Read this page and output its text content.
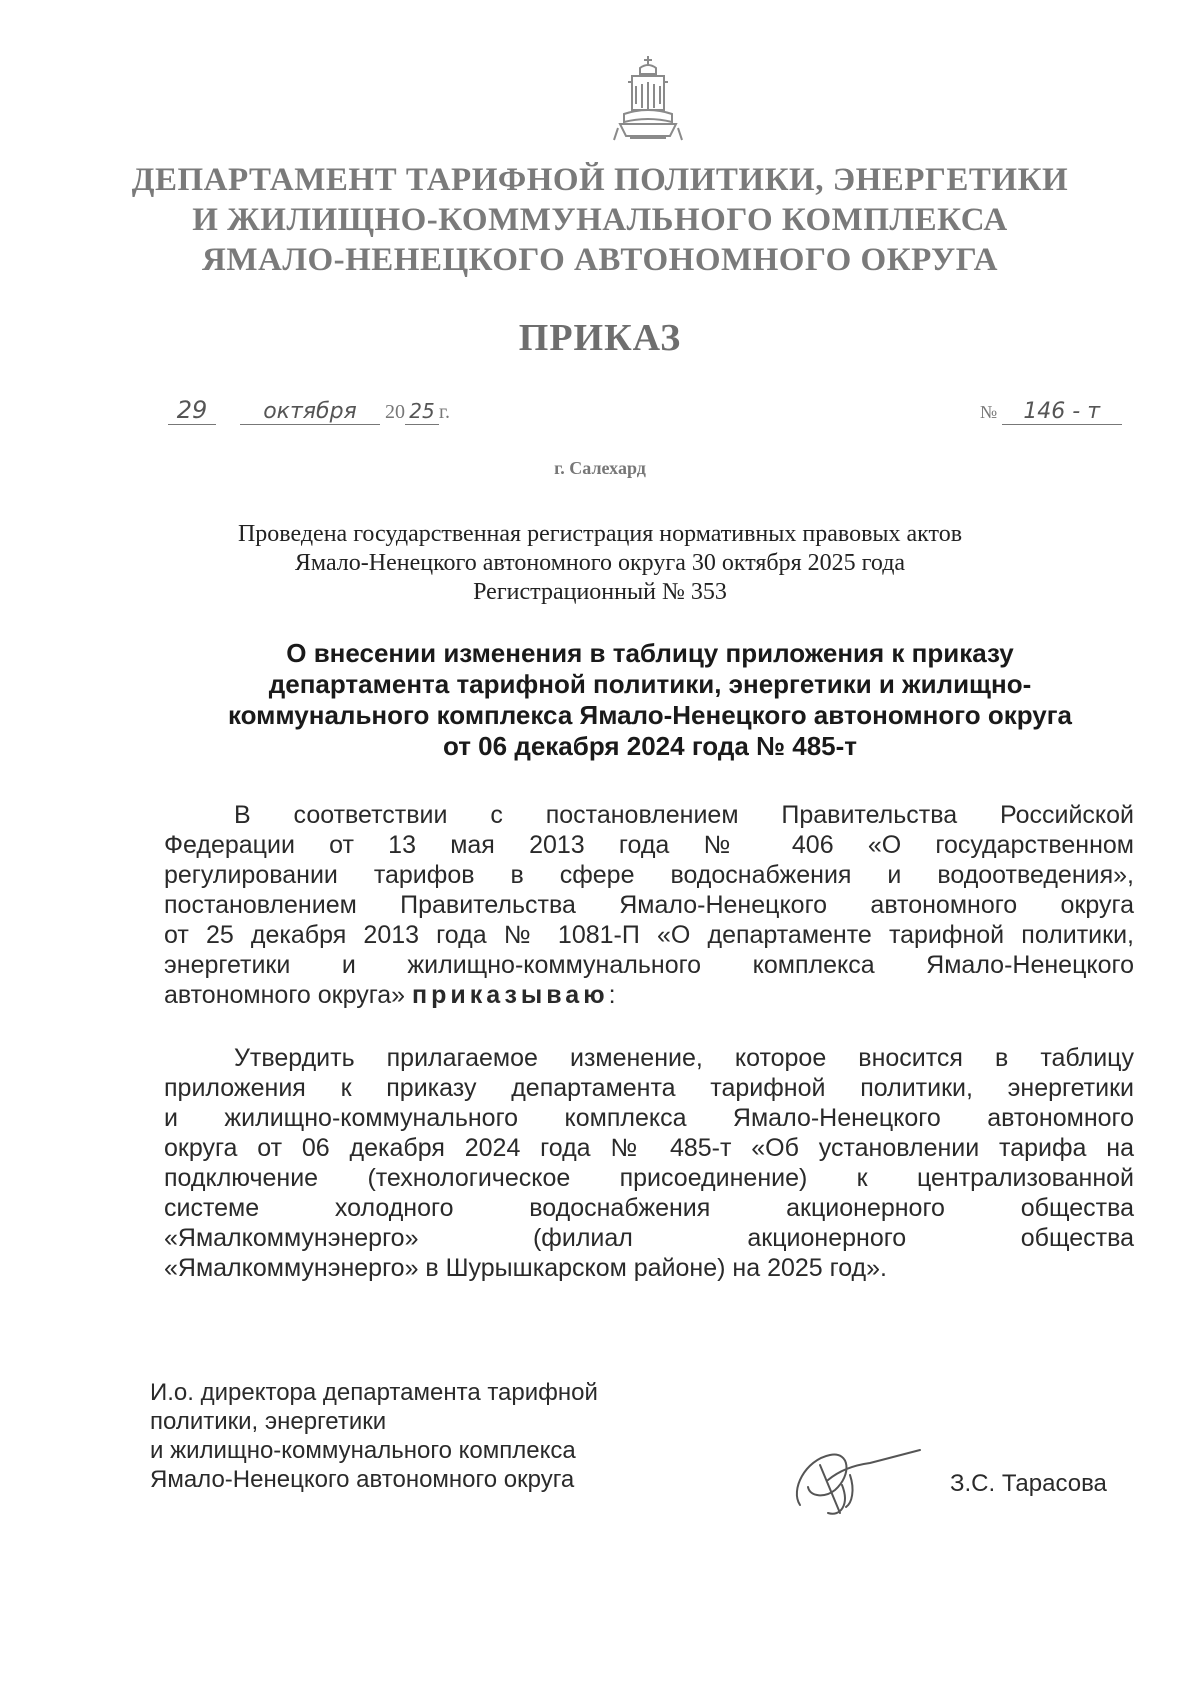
ДЕПАРТАМЕНТ ТАРИФНОЙ ПОЛИТИКИ, ЭНЕРГЕТИКИ
И ЖИЛИЩНО-КОММУНАЛЬНОГО КОМПЛЕКСА
ЯМАЛО-НЕНЕЦКОГО АВТОНОМНОГО ОКРУГА
ПРИКАЗ
29	октября 20 25 г.	№ 146 - т
г. Салехард
Проведена государственная регистрация нормативных правовых актов
Ямало-Ненецкого автономного округа 30 октября 2025 года
Регистрационный № 353
О внесении изменения в таблицу приложения к приказу
департамента тарифной политики, энергетики и жилищно-
коммунального комплекса Ямало-Ненецкого автономного округа
от 06 декабря 2024 года № 485-т
В соответствии с постановлением Правительства Российской
Федерации от 13 мая 2013 года № 406 «О государственном
регулировании тарифов в сфере водоснабжения и водоотведения»,
постановлением Правительства Ямало-Ненецкого автономного округа
от 25 декабря 2013 года № 1081-П «О департаменте тарифной политики,
энергетики и жилищно-коммунального комплекса Ямало-Ненецкого
автономного округа» приказываю:
Утвердить прилагаемое изменение, которое вносится в таблицу
приложения к приказу департамента тарифной политики, энергетики
и жилищно-коммунального комплекса Ямало-Ненецкого автономного
округа от 06 декабря 2024 года № 485-т «Об установлении тарифа на
подключение (технологическое присоединение) к централизованной
системе холодного водоснабжения акционерного общества
«Ямалкоммунэнерго» (филиал акционерного общества
«Ямалкоммунэнерго» в Шурышкарском районе) на 2025 год».
И.о. директора департамента тарифной
политики, энергетики
и жилищно-коммунального комплекса
Ямало-Ненецкого автономного округа	З.С. Тарасова
